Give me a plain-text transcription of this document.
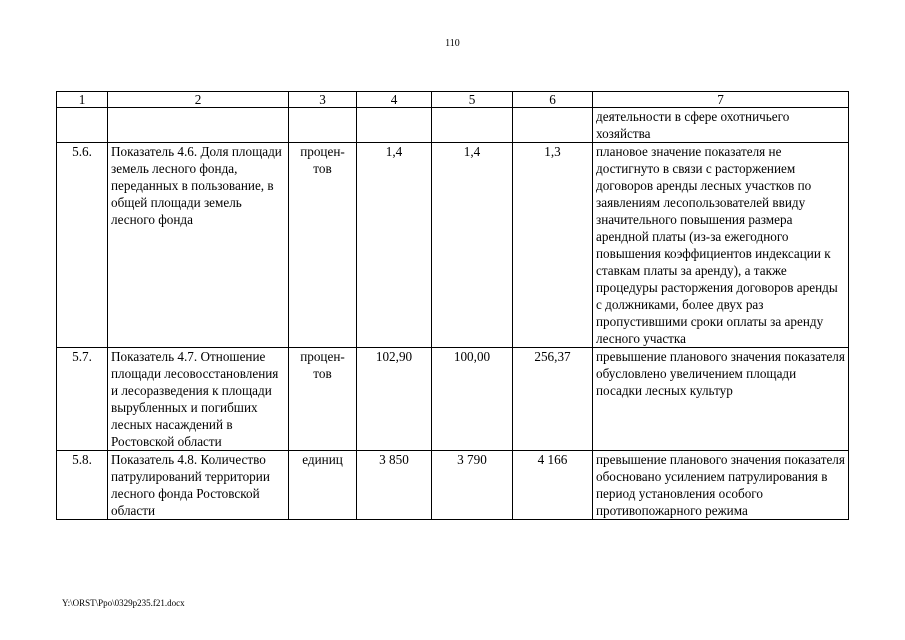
110
1	2	3	4	5	6	7
						деятельности в сфере охотничьего хозяйства
5.6.	Показатель 4.6. Доля площади земель лесного фонда, переданных в пользование, в общей площади земель лесного фонда	процен-тов	1,4	1,4	1,3	плановое значение показателя не достигнуто в связи с расторжением договоров аренды лесных участков по заявлениям лесопользователей ввиду значительного повышения размера арендной платы (из-за ежегодного повышения коэффициентов индексации к ставкам платы за аренду), а также процедуры расторжения договоров аренды с должниками, более двух раз пропустившими сроки оплаты за аренду лесного участка
5.7.	Показатель 4.7. Отношение площади лесовосстановления и лесоразведения к площади вырубленных и погибших лесных насаждений в Ростовской области	процен-тов	102,90	100,00	256,37	превышение планового значения показателя обусловлено увеличением площади посадки лесных культур
5.8.	Показатель 4.8. Количество патрулирований территории лесного фонда Ростовской области	единиц	3 850	3 790	4 166	превышение планового значения показателя обосновано усилением патрулирования в период установления особого противопожарного режима
Y:\ORST\Ppo\0329p235.f21.docx
